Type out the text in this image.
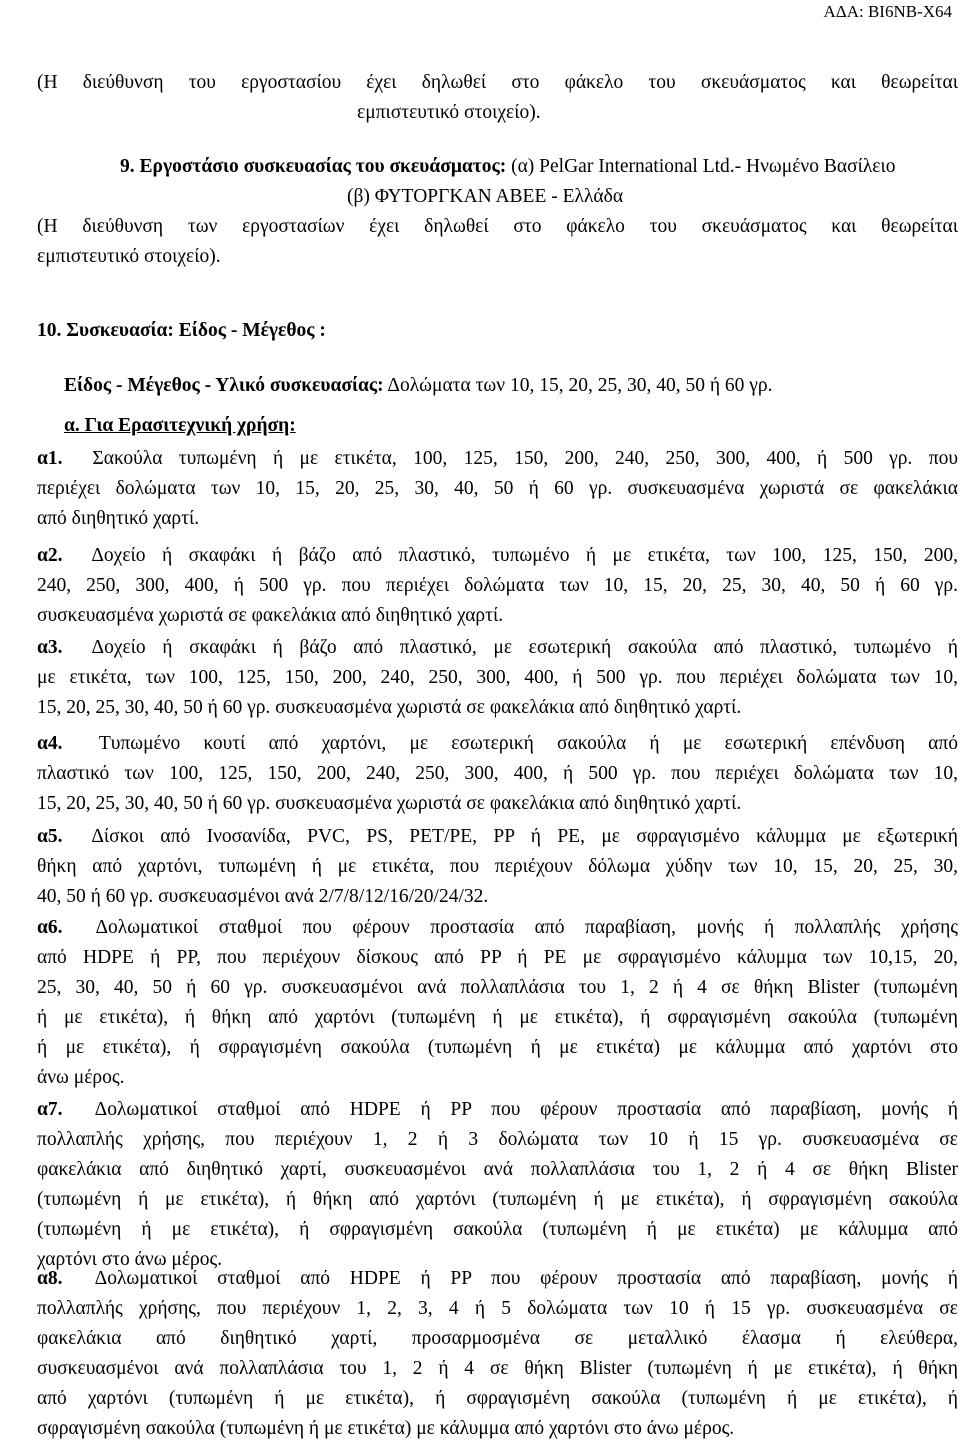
ΑΔΑ: ΒΙ6ΝΒ-Χ64
(Η διεύθυνση του εργοστασίου έχει δηλωθεί στο φάκελο του σκευάσματος και θεωρείται
εμπιστευτικό στοιχείο).
9. Εργοστάσιο συσκευασίας του σκευάσματος: (α) PelGar International Ltd.- Ηνωμένο Βασίλειο
(β) ΦΥΤΟΡΓΚΑΝ ΑΒΕΕ - Ελλάδα
(Η διεύθυνση των εργοστασίων έχει δηλωθεί στο φάκελο του σκευάσματος και θεωρείται
εμπιστευτικό στοιχείο).
10. Συσκευασία: Είδος - Μέγεθος :
Είδος - Μέγεθος - Υλικό συσκευασίας: Δολώματα των 10, 15, 20, 25, 30, 40, 50 ή 60 γρ.
α. Για Ερασιτεχνική χρήση:
α1. Σακούλα τυπωμένη ή με ετικέτα, 100, 125, 150, 200, 240, 250, 300, 400, ή 500 γρ. που
περιέχει δολώματα των 10, 15, 20, 25, 30, 40, 50 ή 60 γρ. συσκευασμένα χωριστά σε φακελάκια
από διηθητικό χαρτί.
α2. Δοχείο ή σκαφάκι ή βάζο από πλαστικό, τυπωμένο ή με ετικέτα, των 100, 125, 150, 200,
240, 250, 300, 400, ή 500 γρ. που περιέχει δολώματα των 10, 15, 20, 25, 30, 40, 50 ή 60 γρ.
συσκευασμένα χωριστά σε φακελάκια από διηθητικό χαρτί.
α3. Δοχείο ή σκαφάκι ή βάζο από πλαστικό, με εσωτερική σακούλα από πλαστικό, τυπωμένο ή
με ετικέτα, των 100, 125, 150, 200, 240, 250, 300, 400, ή 500 γρ. που περιέχει δολώματα των 10,
15, 20, 25, 30, 40, 50 ή 60 γρ. συσκευασμένα χωριστά σε φακελάκια από διηθητικό χαρτί.
α4. Τυπωμένο κουτί από χαρτόνι, με εσωτερική σακούλα ή με εσωτερική επένδυση από
πλαστικό των 100, 125, 150, 200, 240, 250, 300, 400, ή 500 γρ. που περιέχει δολώματα των 10,
15, 20, 25, 30, 40, 50 ή 60 γρ. συσκευασμένα χωριστά σε φακελάκια από διηθητικό χαρτί.
α5. Δίσκοι από Ινοσανίδα, PVC, PS, PET/PE, PP ή PE, με σφραγισμένο κάλυμμα με εξωτερική
θήκη από χαρτόνι, τυπωμένη ή με ετικέτα, που περιέχουν δόλωμα χύδην των 10, 15, 20, 25, 30,
40, 50 ή 60 γρ. συσκευασμένοι ανά 2/7/8/12/16/20/24/32.
α6. Δολωματικοί σταθμοί που φέρουν προστασία από παραβίαση, μονής ή πολλαπλής χρήσης
από HDPE ή PP, που περιέχουν δίσκους από PP ή PE με σφραγισμένο κάλυμμα των 10,15, 20,
25, 30, 40, 50 ή 60 γρ. συσκευασμένοι ανά πολλαπλάσια του 1, 2 ή 4 σε θήκη Blister (τυπωμένη
ή με ετικέτα), ή θήκη από χαρτόνι (τυπωμένη ή με ετικέτα), ή σφραγισμένη σακούλα (τυπωμένη
ή με ετικέτα), ή σφραγισμένη σακούλα (τυπωμένη ή με ετικέτα) με κάλυμμα από χαρτόνι στο
άνω μέρος.
α7. Δολωματικοί σταθμοί από HDPE ή PP που φέρουν προστασία από παραβίαση, μονής ή
πολλαπλής χρήσης, που περιέχουν 1, 2 ή 3 δολώματα των 10 ή 15 γρ. συσκευασμένα σε
φακελάκια από διηθητικό χαρτί, συσκευασμένοι ανά πολλαπλάσια του 1, 2 ή 4 σε θήκη Blister
(τυπωμένη ή με ετικέτα), ή θήκη από χαρτόνι (τυπωμένη ή με ετικέτα), ή σφραγισμένη σακούλα
(τυπωμένη ή με ετικέτα), ή σφραγισμένη σακούλα (τυπωμένη ή με ετικέτα) με κάλυμμα από
χαρτόνι στο άνω μέρος.
α8. Δολωματικοί σταθμοί από HDPE ή PP που φέρουν προστασία από παραβίαση, μονής ή
πολλαπλής χρήσης, που περιέχουν 1, 2, 3, 4 ή 5 δολώματα των 10 ή 15 γρ. συσκευασμένα σε
φακελάκια από διηθητικό χαρτί, προσαρμοσμένα σε μεταλλικό έλασμα ή ελεύθερα,
συσκευασμένοι ανά πολλαπλάσια του 1, 2 ή 4 σε θήκη Blister (τυπωμένη ή με ετικέτα), ή θήκη
από χαρτόνι (τυπωμένη ή με ετικέτα), ή σφραγισμένη σακούλα (τυπωμένη ή με ετικέτα), ή
σφραγισμένη σακούλα (τυπωμένη ή με ετικέτα) με κάλυμμα από χαρτόνι στο άνω μέρος.
